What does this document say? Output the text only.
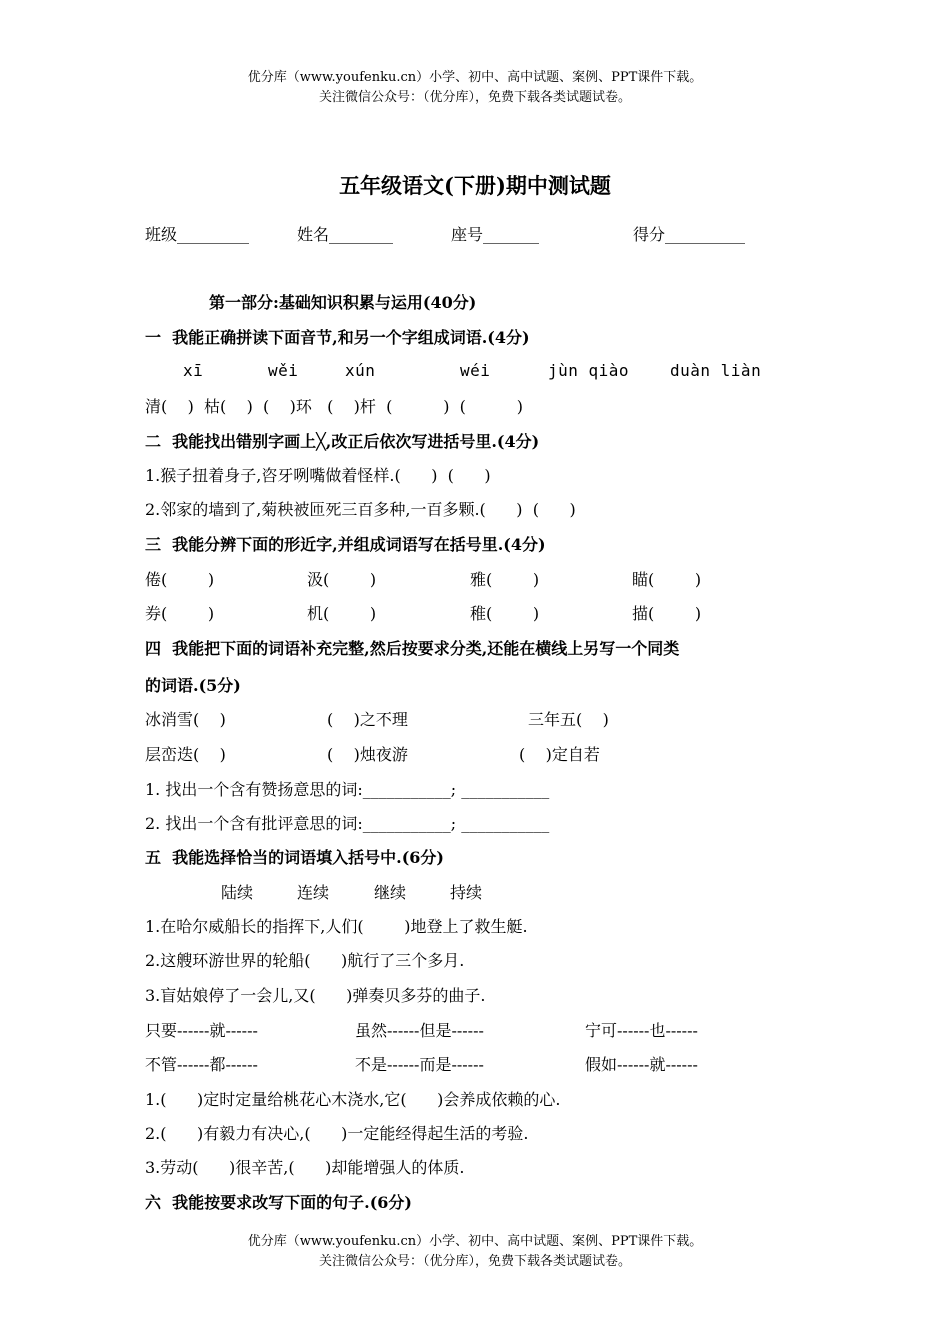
优分库（www.youfenku.cn）小学、初中、高中试题、案例、PPT课件下载。
关注微信公众号：（优分库），免费下载各类试题试卷。
五年级语文(下册)期中测试题
班级_________	姓名________	座号_______	得分__________
第一部分:基础知识积累与运用(40分)
一  我能正确拼读下面音节,和另一个字组成词语.(4分)
xī	wěi	xún	wéi	jùn qiào	duàn liàn
清(    )  枯(    )  (    )环   (    )杆  (          )  (          )
二  我能找出错别字画上╳,改正后依次写进括号里.(4分)
1.猴子扭着身子,咨牙咧嘴做着怪样.(      )  (      )
2.邻家的墙到了,菊秧被匝死三百多种,一百多颗.(      )  (      )
三  我能分辨下面的形近字,并组成词语写在括号里.(4分)
倦(        )	汲(        )	雅(        )	瞄(        )
券(        )	机(        )	稚(        )	描(        )
四  我能把下面的词语补充完整,然后按要求分类,还能在横线上另写一个同类
的词语.(5分)
冰消雪(    )	(    )之不理	三年五(    )
层峦迭(    )	(    )烛夜游	(    )定自若
1. 找出一个含有赞扬意思的词:___________; ___________
2. 找出一个含有批评意思的词:___________; ___________
五  我能选择恰当的词语填入括号中.(6分)
陆续	连续	继续	持续
1.在哈尔威船长的指挥下,人们(        )地登上了救生艇.
2.这艘环游世界的轮船(      )航行了三个多月.
3.盲姑娘停了一会儿,又(      )弹奏贝多芬的曲子.
只要------就------	虽然------但是------	宁可------也------
不管------都------	不是------而是------	假如------就------
1.(      )定时定量给桃花心木浇水,它(      )会养成依赖的心.
2.(      )有毅力有决心,(      )一定能经得起生活的考验.
3.劳动(      )很辛苦,(      )却能增强人的体质.
六  我能按要求改写下面的句子.(6分)
优分库（www.youfenku.cn）小学、初中、高中试题、案例、PPT课件下载。
关注微信公众号：（优分库），免费下载各类试题试卷。
